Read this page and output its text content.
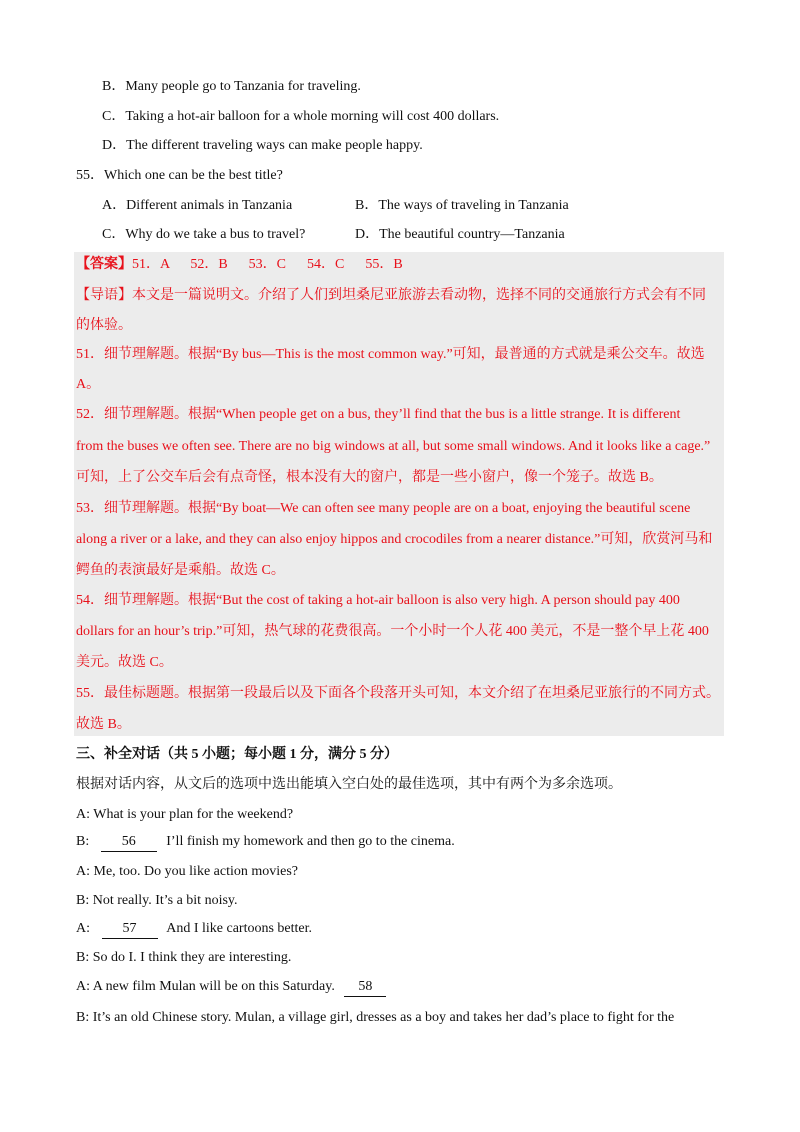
B．Many people go to Tanzania for traveling.
C．Taking a hot-air balloon for a whole morning will cost 400 dollars.
D．The different traveling ways can make people happy.
55．Which one can be the best title?
A．Different animals in Tanzania	B．The ways of traveling in Tanzania
C．Why do we take a bus to travel?	D．The beautiful country—Tanzania
【答案】51．A      52．B      53．C      54．C      55．B
【导语】本文是一篇说明文。介绍了人们到坦桑尼亚旅游去看动物，选择不同的交通旅行方式会有不同
的体验。
51．细节理解题。根据“By bus—This is the most common way.”可知，最普通的方式就是乘公交车。故选
A。
52．细节理解题。根据“When people get on a bus, they’ll find that the bus is a little strange. It is different
from the buses we often see. There are no big windows at all, but some small windows. And it looks like a cage.”
可知，上了公交车后会有点奇怪，根本没有大的窗户，都是一些小窗户，像一个笼子。故选 B。
53．细节理解题。根据“By boat—We can often see many people are on a boat, enjoying the beautiful scene
along a river or a lake, and they can also enjoy hippos and crocodiles from a nearer distance.”可知，欣赏河马和
鳄鱼的表演最好是乘船。故选 C。
54．细节理解题。根据“But the cost of taking a hot-air balloon is also very high. A person should pay 400
dollars for an hour’s trip.”可知，热气球的花费很高。一个小时一个人花 400 美元，不是一整个早上花 400
美元。故选 C。
55．最佳标题题。根据第一段最后以及下面各个段落开头可知，本文介绍了在坦桑尼亚旅行的不同方式。
故选 B。
三、补全对话（共 5 小题；每小题 1 分，满分 5 分）
根据对话内容，从文后的选项中选出能填入空白处的最佳选项，其中有两个为多余选项。
A: What is your plan for the weekend?
B: 56 I’ll finish my homework and then go to the cinema.
A: Me, too. Do you like action movies?
B: Not really. It’s a bit noisy.
A: 57 And I like cartoons better.
B: So do I. I think they are interesting.
A: A new film Mulan will be on this Saturday. 58
B: It’s an old Chinese story. Mulan, a village girl, dresses as a boy and takes her dad’s place to fight for the
